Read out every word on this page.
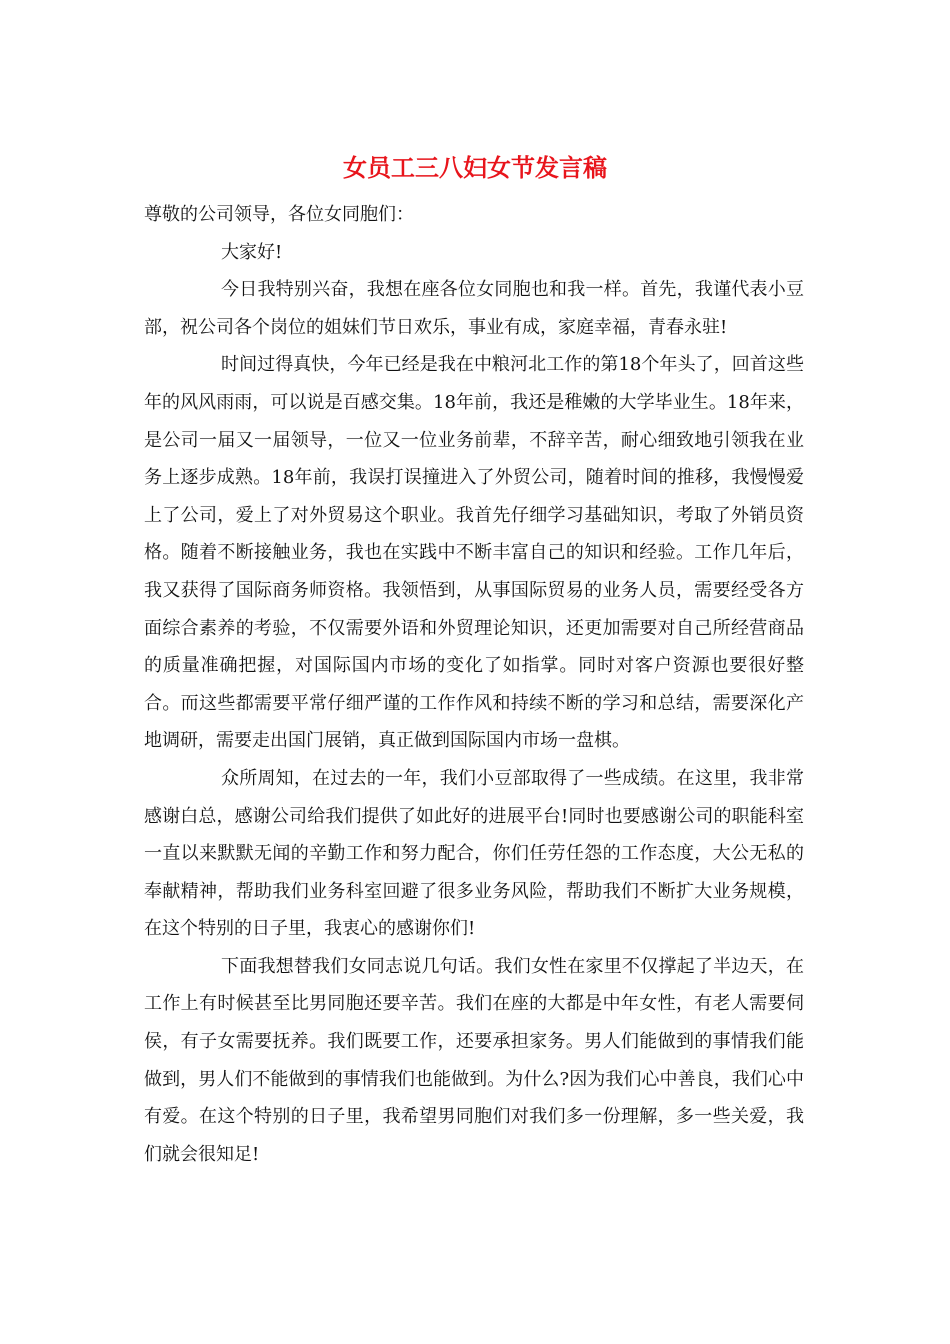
女员工三八妇女节发言稿

尊敬的公司领导，各位女同胞们：

大家好!

今日我特别兴奋，我想在座各位女同胞也和我一样。首先，我谨代表小豆部，祝公司各个岗位的姐妹们节日欢乐，事业有成，家庭幸福，青春永驻!

时间过得真快，今年已经是我在中粮河北工作的第18个年头了，回首这些年的风风雨雨，可以说是百感交集。18年前，我还是稚嫩的大学毕业生。18年来，是公司一届又一届领导，一位又一位业务前辈，不辞辛苦，耐心细致地引领我在业务上逐步成熟。18年前，我误打误撞进入了外贸公司，随着时间的推移，我慢慢爱上了公司，爱上了对外贸易这个职业。我首先仔细学习基础知识，考取了外销员资格。随着不断接触业务，我也在实践中不断丰富自己的知识和经验。工作几年后，我又获得了国际商务师资格。我领悟到，从事国际贸易的业务人员，需要经受各方面综合素养的考验，不仅需要外语和外贸理论知识，还更加需要对自己所经营商品的质量准确把握，对国际国内市场的变化了如指掌。同时对客户资源也要很好整合。而这些都需要平常仔细严谨的工作作风和持续不断的学习和总结，需要深化产地调研，需要走出国门展销，真正做到国际国内市场一盘棋。

众所周知，在过去的一年，我们小豆部取得了一些成绩。在这里，我非常感谢白总，感谢公司给我们提供了如此好的进展平台!同时也要感谢公司的职能科室一直以来默默无闻的辛勤工作和努力配合，你们任劳任怨的工作态度，大公无私的奉献精神，帮助我们业务科室回避了很多业务风险，帮助我们不断扩大业务规模，在这个特别的日子里，我衷心的感谢你们!

下面我想替我们女同志说几句话。我们女性在家里不仅撑起了半边天，在工作上有时候甚至比男同胞还要辛苦。我们在座的大都是中年女性，有老人需要伺侯，有子女需要抚养。我们既要工作，还要承担家务。男人们能做到的事情我们能做到，男人们不能做到的事情我们也能做到。为什么?因为我们心中善良，我们心中有爱。在这个特别的日子里，我希望男同胞们对我们多一份理解，多一些关爱，我们就会很知足!
